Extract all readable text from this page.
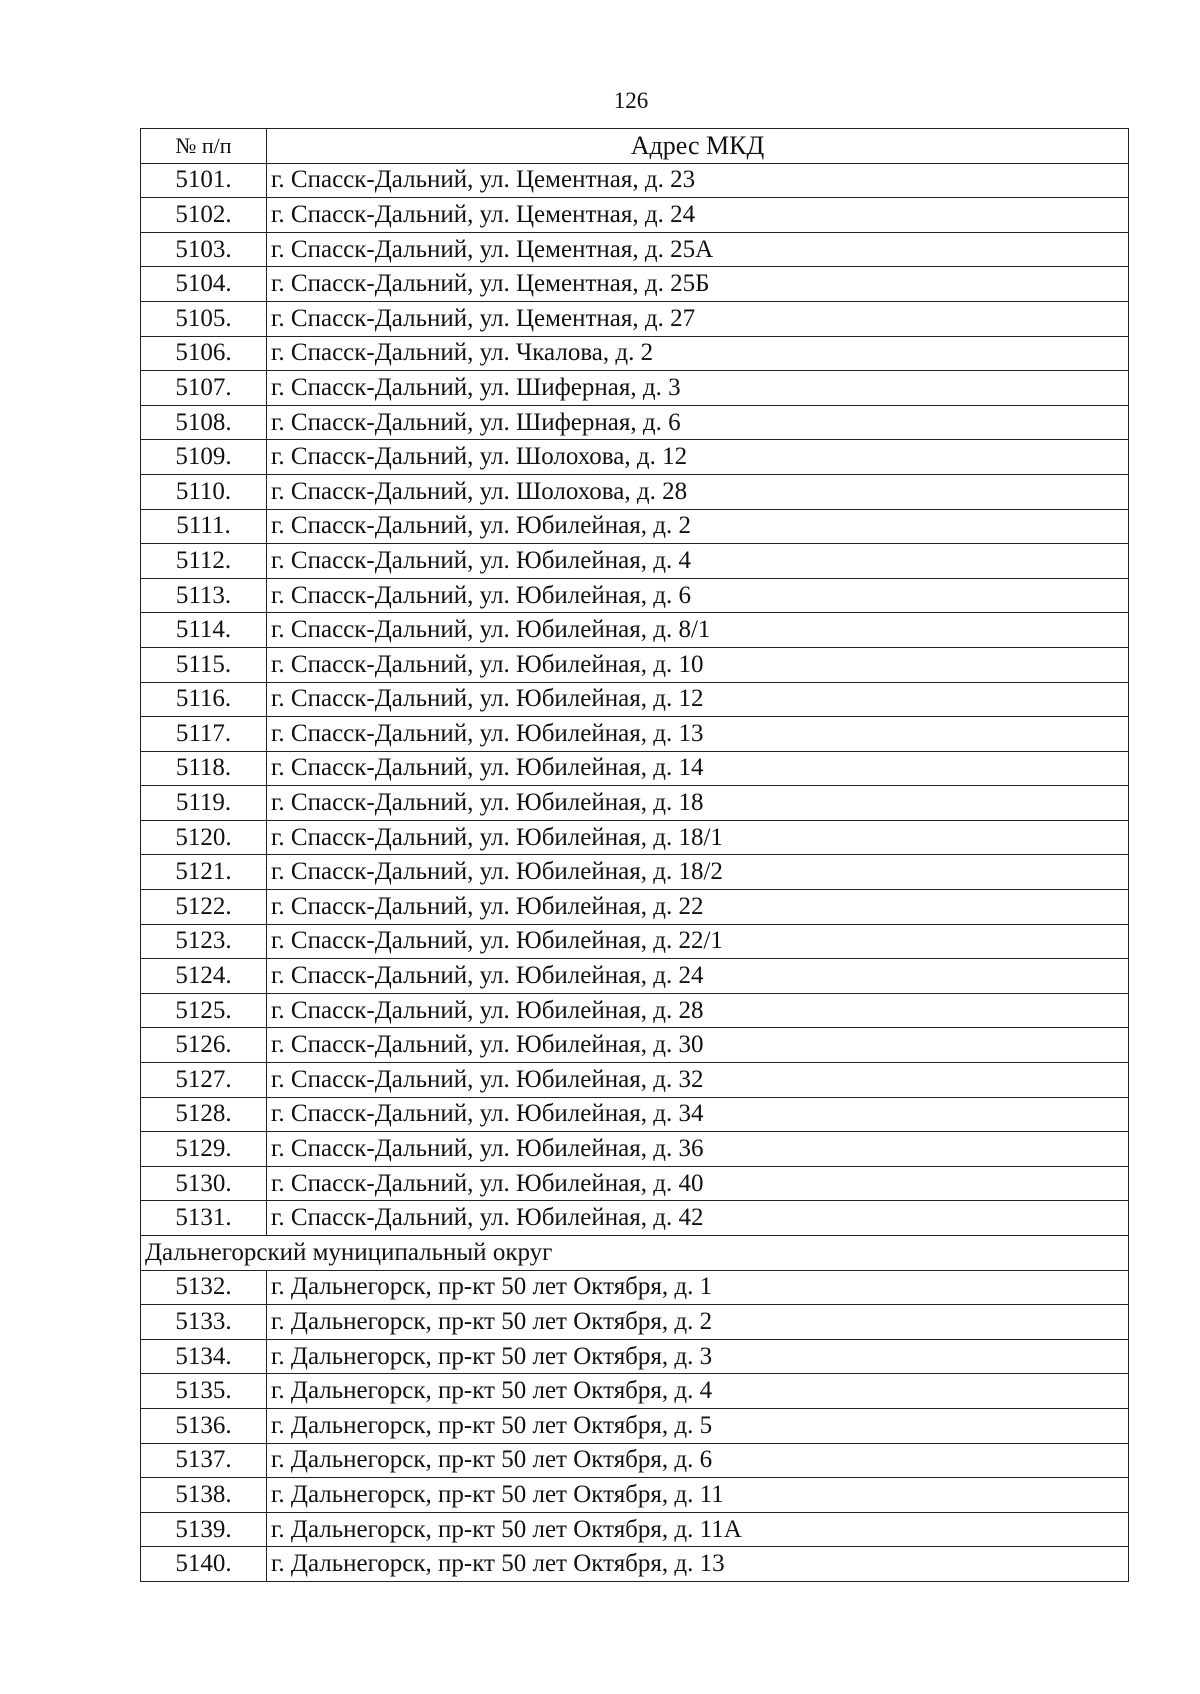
126
№ п/п	Адрес МКД
5101.	г. Спасск-Дальний, ул. Цементная, д. 23
5102.	г. Спасск-Дальний, ул. Цементная, д. 24
5103.	г. Спасск-Дальний, ул. Цементная, д. 25А
5104.	г. Спасск-Дальний, ул. Цементная, д. 25Б
5105.	г. Спасск-Дальний, ул. Цементная, д. 27
5106.	г. Спасск-Дальний, ул. Чкалова, д. 2
5107.	г. Спасск-Дальний, ул. Шиферная, д. 3
5108.	г. Спасск-Дальний, ул. Шиферная, д. 6
5109.	г. Спасск-Дальний, ул. Шолохова, д. 12
5110.	г. Спасск-Дальний, ул. Шолохова, д. 28
5111.	г. Спасск-Дальний, ул. Юбилейная, д. 2
5112.	г. Спасск-Дальний, ул. Юбилейная, д. 4
5113.	г. Спасск-Дальний, ул. Юбилейная, д. 6
5114.	г. Спасск-Дальний, ул. Юбилейная, д. 8/1
5115.	г. Спасск-Дальний, ул. Юбилейная, д. 10
5116.	г. Спасск-Дальний, ул. Юбилейная, д. 12
5117.	г. Спасск-Дальний, ул. Юбилейная, д. 13
5118.	г. Спасск-Дальний, ул. Юбилейная, д. 14
5119.	г. Спасск-Дальний, ул. Юбилейная, д. 18
5120.	г. Спасск-Дальний, ул. Юбилейная, д. 18/1
5121.	г. Спасск-Дальний, ул. Юбилейная, д. 18/2
5122.	г. Спасск-Дальний, ул. Юбилейная, д. 22
5123.	г. Спасск-Дальний, ул. Юбилейная, д. 22/1
5124.	г. Спасск-Дальний, ул. Юбилейная, д. 24
5125.	г. Спасск-Дальний, ул. Юбилейная, д. 28
5126.	г. Спасск-Дальний, ул. Юбилейная, д. 30
5127.	г. Спасск-Дальний, ул. Юбилейная, д. 32
5128.	г. Спасск-Дальний, ул. Юбилейная, д. 34
5129.	г. Спасск-Дальний, ул. Юбилейная, д. 36
5130.	г. Спасск-Дальний, ул. Юбилейная, д. 40
5131.	г. Спасск-Дальний, ул. Юбилейная, д. 42
Дальнегорский муниципальный округ	
5132.	г. Дальнегорск, пр-кт 50 лет Октября, д. 1
5133.	г. Дальнегорск, пр-кт 50 лет Октября, д. 2
5134.	г. Дальнегорск, пр-кт 50 лет Октября, д. 3
5135.	г. Дальнегорск, пр-кт 50 лет Октября, д. 4
5136.	г. Дальнегорск, пр-кт 50 лет Октября, д. 5
5137.	г. Дальнегорск, пр-кт 50 лет Октября, д. 6
5138.	г. Дальнегорск, пр-кт 50 лет Октября, д. 11
5139.	г. Дальнегорск, пр-кт 50 лет Октября, д. 11А
5140.	г. Дальнегорск, пр-кт 50 лет Октября, д. 13
